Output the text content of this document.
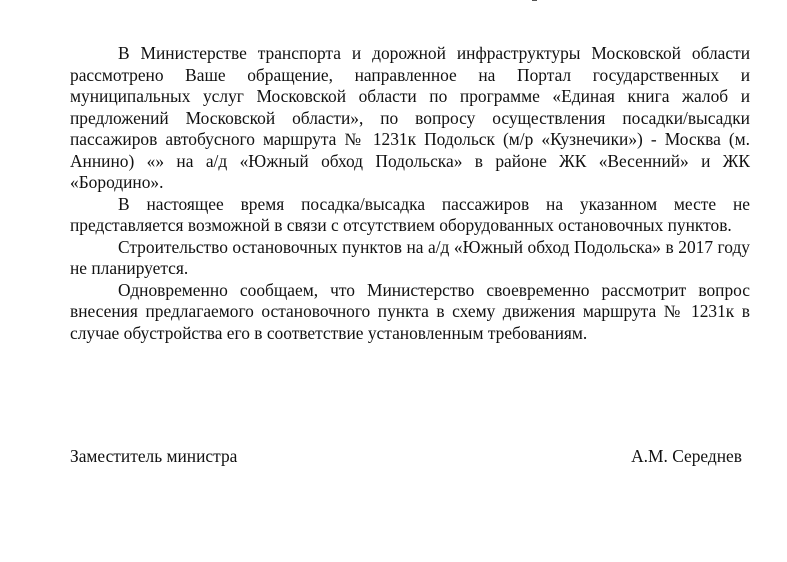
В Министерстве транспорта и дорожной инфраструктуры Московской области рассмотрено Ваше обращение, направленное на Портал государственных и муниципальных услуг Московской области по программе «Единая книга жалоб и предложений Московской области», по вопросу осуществления посадки/высадки пассажиров автобусного маршрута № 1231к Подольск (м/р «Кузнечики») - Москва (м. Аннино) «» на а/д «Южный обход Подольска» в районе ЖК «Весенний» и ЖК «Бородино».

В настоящее время посадка/высадка пассажиров на указанном месте не представляется возможной в связи с отсутствием оборудованных остановочных пунктов.

Строительство остановочных пунктов на а/д «Южный обход Подольска» в 2017 году не планируется.

Одновременно сообщаем, что Министерство своевременно рассмотрит вопрос внесения предлагаемого остановочного пункта в схему движения маршрута № 1231к в случае обустройства его в соответствие установленным требованиям.

Заместитель министра	А.М. Середнев
